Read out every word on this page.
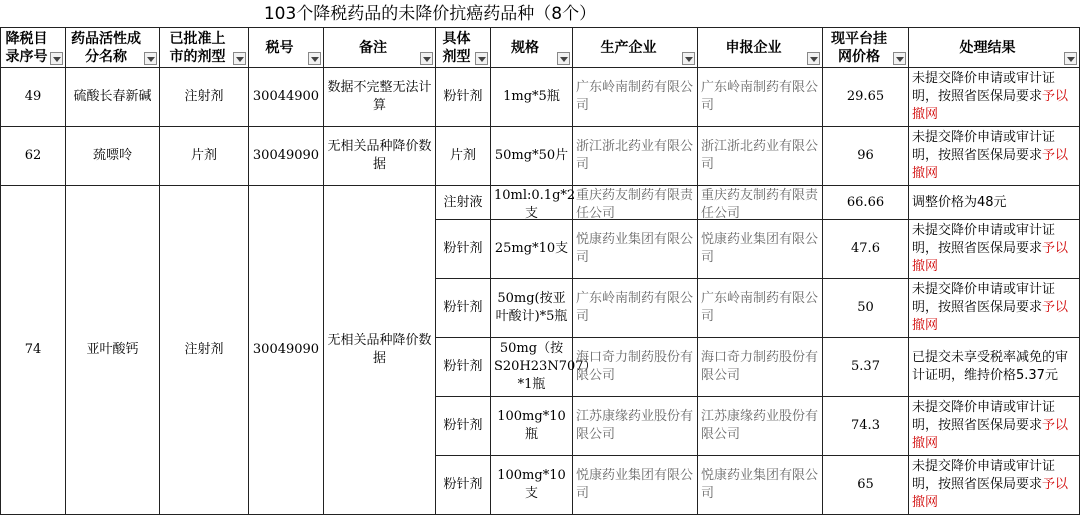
103个降税药品的未降价抗癌药品种（8个）
降税目录序号	药品活性成分名称	已批准上市的剂型	税号	备注	具体剂型	规格	生产企业	申报企业	现平台挂网价格	处理结果

49	硫酸长春新碱	注射剂	30044900	数据不完整无法计算	粉针剂	1mg*5瓶	广东岭南制药有限公司	广东岭南制药有限公司	29.65	未提交降价申请或审计证明，按照省医保局要求予以撤网
62	巯嘌呤	片剂	30049090	无相关品种降价数据	片剂	50mg*50片	浙江浙北药业有限公司	浙江浙北药业有限公司	96	未提交降价申请或审计证明，按照省医保局要求予以撤网
74	亚叶酸钙	注射剂	30049090	无相关品种降价数据	注射液	10ml:0.1g*2支	重庆药友制药有限责任公司	重庆药友制药有限责任公司	66.66	调整价格为48元
					粉针剂	25mg*10支	悦康药业集团有限公司	悦康药业集团有限公司	47.6	未提交降价申请或审计证明，按照省医保局要求予以撤网
					粉针剂	50mg(按亚叶酸计)*5瓶	广东岭南制药有限公司	广东岭南制药有限公司	50	未提交降价申请或审计证明，按照省医保局要求予以撤网
					粉针剂	50mg（按S20H23N707）*1瓶	海口奇力制药股份有限公司	海口奇力制药股份有限公司	5.37	已提交未享受税率减免的审计证明，维持价格5.37元
					粉针剂	100mg*10瓶	江苏康缘药业股份有限公司	江苏康缘药业股份有限公司	74.3	未提交降价申请或审计证明，按照省医保局要求予以撤网
					粉针剂	100mg*10支	悦康药业集团有限公司	悦康药业集团有限公司	65	未提交降价申请或审计证明，按照省医保局要求予以撤网
